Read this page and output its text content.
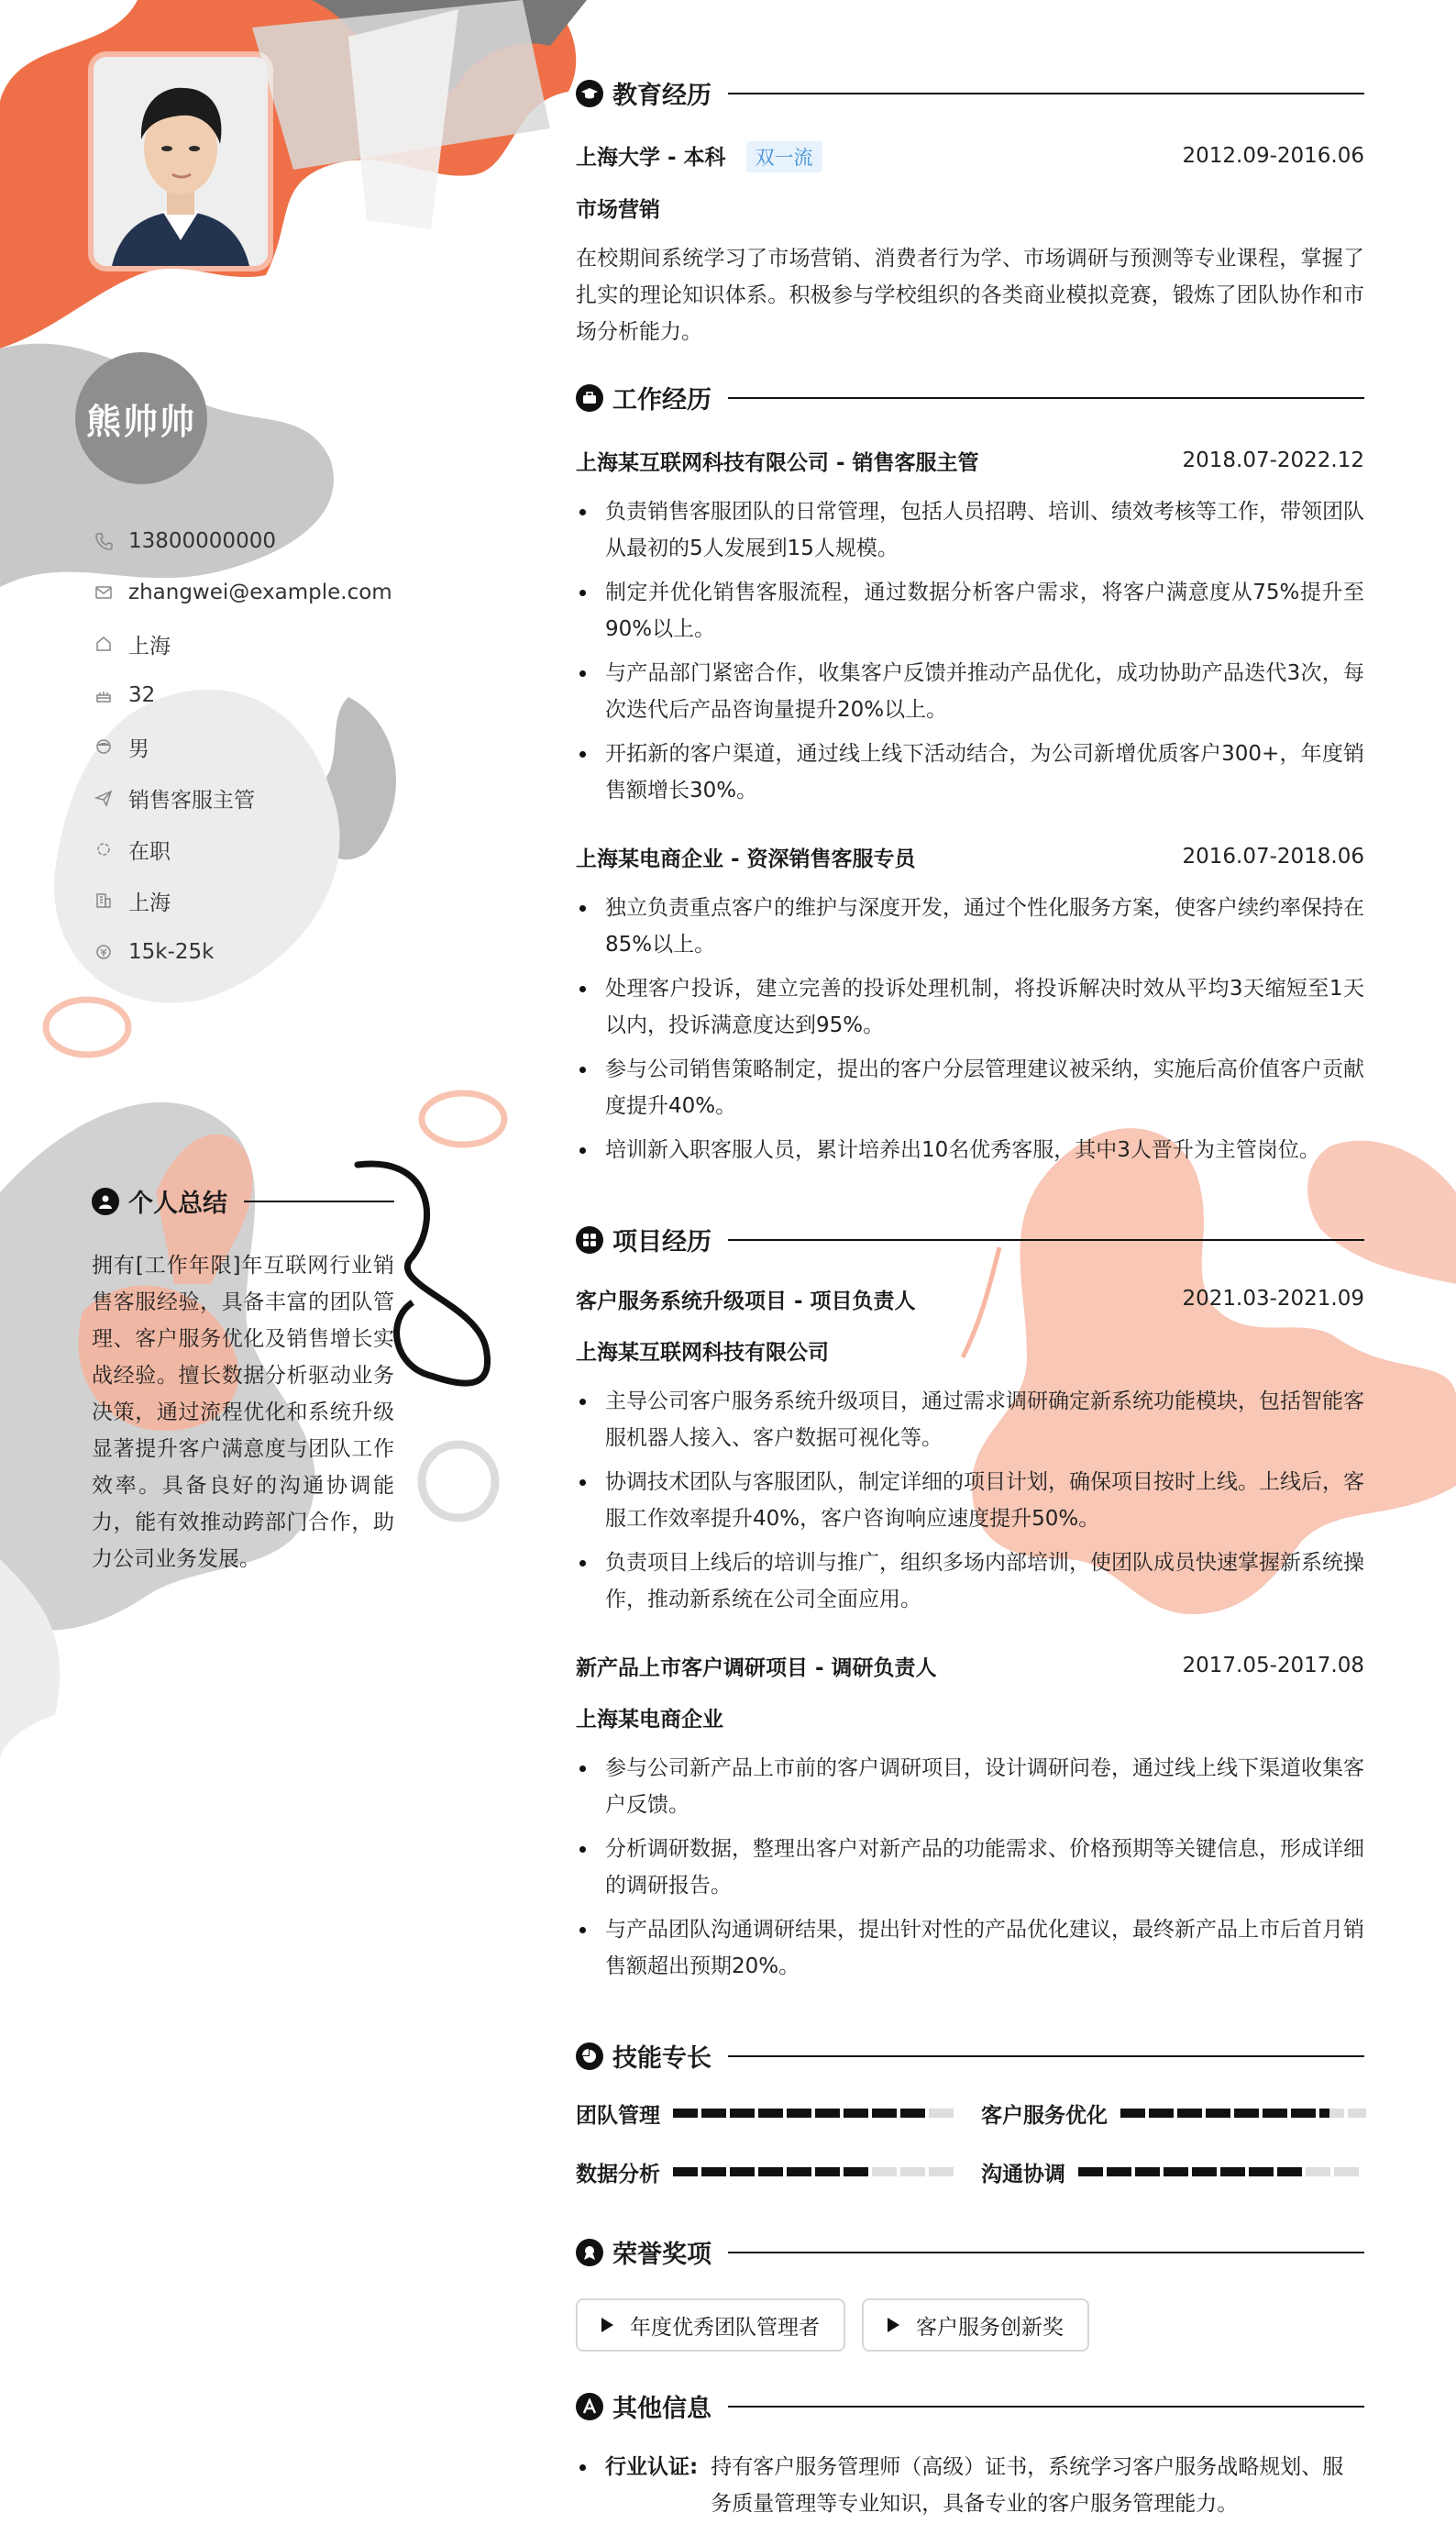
熊帅帅
13800000000
zhangwei@example.com
上海
32
男
销售客服主管
在职
上海
15k-25k
个人总结
拥有[工作年限]年互联网行业销售客服经验，具备丰富的团队管理、客户服务优化及销售增长实战经验。擅长数据分析驱动业务决策，通过流程优化和系统升级显著提升客户满意度与团队工作效率。具备良好的沟通协调能力，能有效推动跨部门合作，助力公司业务发展。
教育经历
上海大学 - 本科 双一流	2012.09-2016.06
市场营销
在校期间系统学习了市场营销、消费者行为学、市场调研与预测等专业课程，掌握了扎实的理论知识体系。积极参与学校组织的各类商业模拟竞赛，锻炼了团队协作和市场分析能力。
工作经历
上海某互联网科技有限公司 - 销售客服主管	2018.07-2022.12
负责销售客服团队的日常管理，包括人员招聘、培训、绩效考核等工作，带领团队从最初的5人发展到15人规模。
制定并优化销售客服流程，通过数据分析客户需求，将客户满意度从75%提升至90%以上。
与产品部门紧密合作，收集客户反馈并推动产品优化，成功协助产品迭代3次，每次迭代后产品咨询量提升20%以上。
开拓新的客户渠道，通过线上线下活动结合，为公司新增优质客户300+，年度销售额增长30%。
上海某电商企业 - 资深销售客服专员	2016.07-2018.06
独立负责重点客户的维护与深度开发，通过个性化服务方案，使客户续约率保持在85%以上。
处理客户投诉，建立完善的投诉处理机制，将投诉解决时效从平均3天缩短至1天以内，投诉满意度达到95%。
参与公司销售策略制定，提出的客户分层管理建议被采纳，实施后高价值客户贡献度提升40%。
培训新入职客服人员，累计培养出10名优秀客服，其中3人晋升为主管岗位。
项目经历
客户服务系统升级项目 - 项目负责人	2021.03-2021.09
上海某互联网科技有限公司
主导公司客户服务系统升级项目，通过需求调研确定新系统功能模块，包括智能客服机器人接入、客户数据可视化等。
协调技术团队与客服团队，制定详细的项目计划，确保项目按时上线。上线后，客服工作效率提升40%，客户咨询响应速度提升50%。
负责项目上线后的培训与推广，组织多场内部培训，使团队成员快速掌握新系统操作，推动新系统在公司全面应用。
新产品上市客户调研项目 - 调研负责人	2017.05-2017.08
上海某电商企业
参与公司新产品上市前的客户调研项目，设计调研问卷，通过线上线下渠道收集客户反馈。
分析调研数据，整理出客户对新产品的功能需求、价格预期等关键信息，形成详细的调研报告。
与产品团队沟通调研结果，提出针对性的产品优化建议，最终新产品上市后首月销售额超出预期20%。
技能专长
团队管理	客户服务优化
数据分析	沟通协调
荣誉奖项
年度优秀团队管理者	客户服务创新奖
其他信息
行业认证: 持有客户服务管理师（高级）证书，系统学习客户服务战略规划、服务质量管理等专业知识，具备专业的客户服务管理能力。
